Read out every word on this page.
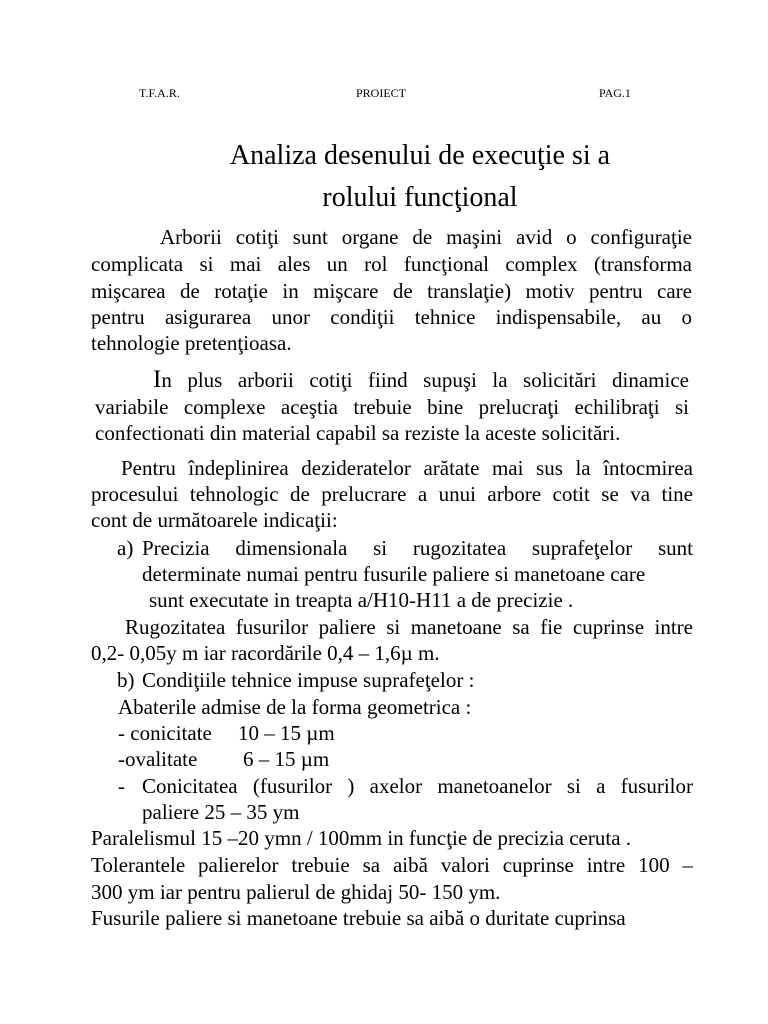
T.F.A.R.	PROIECT	PAG.1
Analiza desenului de execuţie si a
rolului funcţional
Arborii cotiţi sunt organe de maşini avid o configuraţie
complicata si mai ales un rol funcţional complex (transforma
mişcarea de rotaţie in mişcare de translaţie) motiv pentru care
pentru asigurarea unor condiţii tehnice indispensabile, au o
tehnologie pretenţioasa.
In plus arborii cotiţi fiind supuşi la solicitări dinamice
variabile complexe aceştia trebuie bine prelucraţi echilibraţi si
confectionati din material capabil sa reziste la aceste solicitări.
Pentru îndeplinirea dezideratelor arătate mai sus la întocmirea
procesului tehnologic de prelucrare a unui arbore cotit se va tine
cont de următoarele indicaţii:
a) Precizia dimensionala si rugozitatea suprafeţelor sunt
determinate numai pentru fusurile paliere si manetoane care
sunt executate in treapta a/H10-H11 a de precizie .
Rugozitatea fusurilor paliere si manetoane sa fie cuprinse intre
0,2- 0,05y m iar racordările 0,4 – 1,6µ m.
b) Condiţiile tehnice impuse suprafeţelor :
Abaterile admise de la forma geometrica :
- conicitate 10 – 15 µm
-ovalitate 6 – 15 µm
- Conicitatea (fusurilor ) axelor manetoanelor si a fusurilor
paliere 25 – 35 ym
Paralelismul 15 –20 ymn / 100mm in funcţie de precizia ceruta .
Tolerantele palierelor trebuie sa aibă valori cuprinse intre 100 –
300 ym iar pentru palierul de ghidaj 50- 150 ym.
Fusurile paliere si manetoane trebuie sa aibă o duritate cuprinsa
